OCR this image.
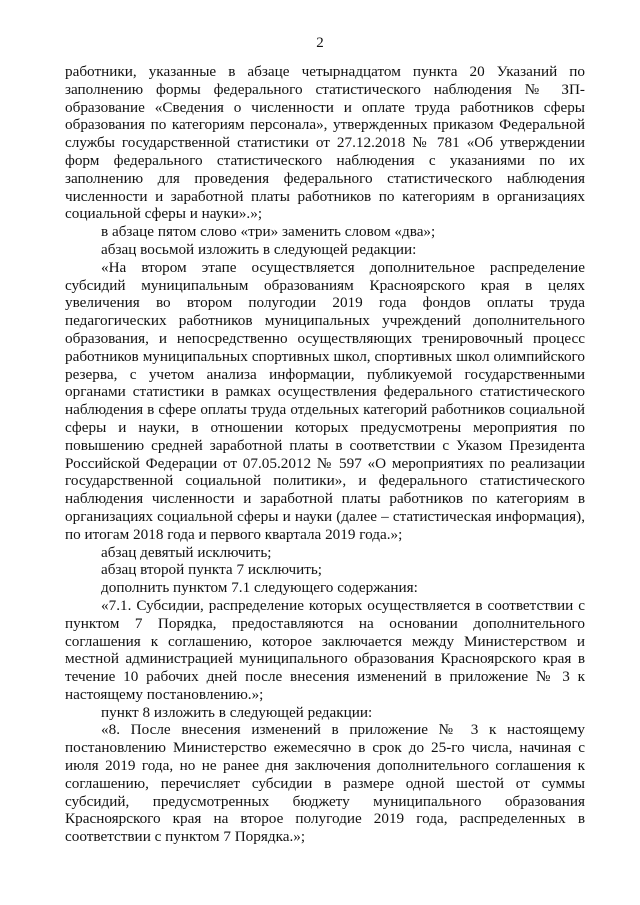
2

работники, указанные в абзаце четырнадцатом пункта 20 Указаний по заполнению формы федерального статистического наблюдения № ЗП-образование «Сведения о численности и оплате труда работников сферы образования по категориям персонала», утвержденных приказом Федеральной службы государственной статистики от 27.12.2018 № 781 «Об утверждении форм федерального статистического наблюдения с указаниями по их заполнению для проведения федерального статистического наблюдения численности и заработной платы работников по категориям в организациях социальной сферы и науки».»;

в абзаце пятом слово «три» заменить словом «два»;

абзац восьмой изложить в следующей редакции:

«На втором этапе осуществляется дополнительное распределение субсидий муниципальным образованиям Красноярского края в целях увеличения во втором полугодии 2019 года фондов оплаты труда педагогических работников муниципальных учреждений дополнительного образования, и непосредственно осуществляющих тренировочный процесс работников муниципальных спортивных школ, спортивных школ олимпийского резерва, с учетом анализа информации, публикуемой государственными органами статистики в рамках осуществления федерального статистического наблюдения в сфере оплаты труда отдельных категорий работников социальной сферы и науки, в отношении которых предусмотрены мероприятия по повышению средней заработной платы в соответствии с Указом Президента Российской Федерации от 07.05.2012 № 597 «О мероприятиях по реализации государственной социальной политики», и федерального статистического наблюдения численности и заработной платы работников по категориям в организациях социальной сферы и науки (далее – статистическая информация), по итогам 2018 года и первого квартала 2019 года.»;

абзац девятый исключить;

абзац второй пункта 7 исключить;

дополнить пунктом 7.1 следующего содержания:

«7.1. Субсидии, распределение которых осуществляется в соответствии с пунктом 7 Порядка, предоставляются на основании дополнительного соглашения к соглашению, которое заключается между Министерством и местной администрацией муниципального образования Красноярского края в течение 10 рабочих дней после внесения изменений в приложение № 3 к настоящему постановлению.»;

пункт 8 изложить в следующей редакции:

«8. После внесения изменений в приложение № 3 к настоящему постановлению Министерство ежемесячно в срок до 25-го числа, начиная с июля 2019 года, но не ранее дня заключения дополнительного соглашения к соглашению, перечисляет субсидии в размере одной шестой от суммы субсидий, предусмотренных бюджету муниципального образования Красноярского края на второе полугодие 2019 года, распределенных в соответствии с пунктом 7 Порядка.»;
